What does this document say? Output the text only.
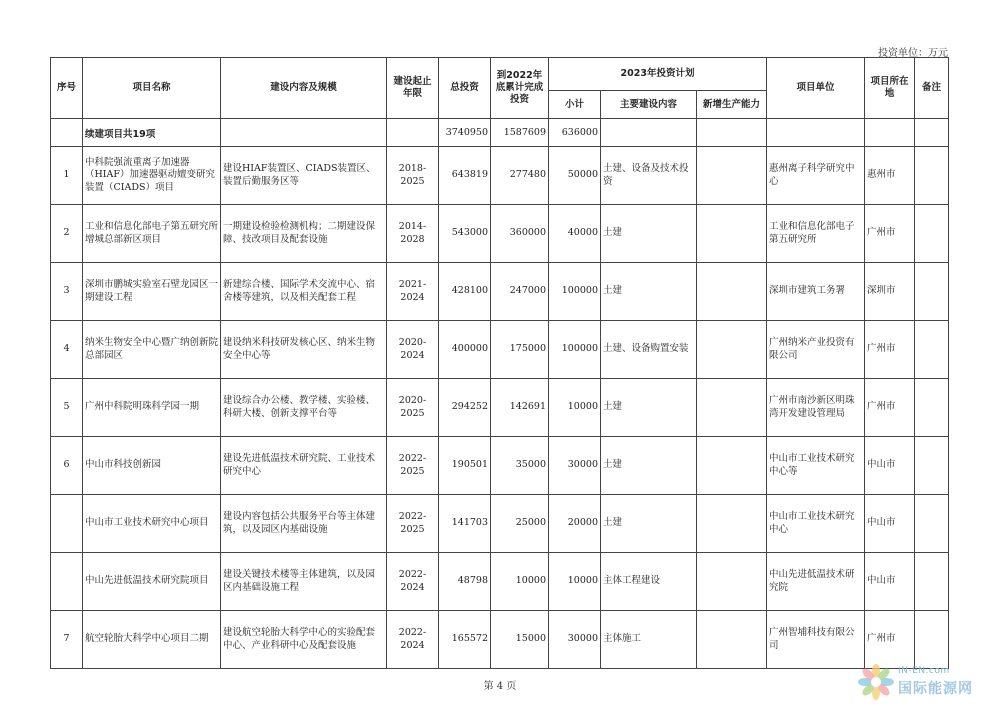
投资单位：万元
序号	项目名称	建设内容及规模	建设起止年限	总投资	到2022年底累计完成投资	2023年投资计划			项目单位	项目所在地	备注
						小计	主要建设内容	新增生产能力			
	续建项目共19项			3740950	1587609	636000					
1	中科院强流重离子加速器（HIAF）加速器驱动嬗变研究装置（CIADS）项目	建设HIAF装置区、CIADS装置区、装置后勤服务区等	2018-2025	643819	277480	50000	土建、设备及技术投资		惠州离子科学研究中心	惠州市	
2	工业和信息化部电子第五研究所增城总部新区项目	一期建设检验检测机构；二期建设保障、技改项目及配套设施	2014-2028	543000	360000	40000	土建		工业和信息化部电子第五研究所	广州市	
3	深圳市鹏城实验室石壁龙园区一期建设工程	新建综合楼、国际学术交流中心、宿舍楼等建筑，以及相关配套工程	2021-2024	428100	247000	100000	土建		深圳市建筑工务署	深圳市	
4	纳米生物安全中心暨广纳创新院总部园区	建设纳米科技研发核心区、纳米生物安全中心等	2020-2024	400000	175000	100000	土建、设备购置安装		广州纳米产业投资有限公司	广州市	
5	广州中科院明珠科学园一期	建设综合办公楼、教学楼、实验楼、科研大楼、创新支撑平台等	2020-2025	294252	142691	10000	土建		广州市南沙新区明珠湾开发建设管理局	广州市	
6	中山市科技创新园	建设先进低温技术研究院、工业技术研究中心	2022-2025	190501	35000	30000	土建		中山市工业技术研究中心等	中山市	
	中山市工业技术研究中心项目	建设内容包括公共服务平台等主体建筑，以及园区内基础设施	2022-2025	141703	25000	20000	土建		中山市工业技术研究中心	中山市	
	中山先进低温技术研究院项目	建设关键技术楼等主体建筑，以及园区内基础设施工程	2022-2024	48798	10000	10000	主体工程建设		中山先进低温技术研究院	中山市	
7	航空轮胎大科学中心项目二期	建设航空轮胎大科学中心的实验配套中心、产业科研中心及配套设施	2022-2024	165572	15000	30000	主体施工		广州智埔科技有限公司	广州市	
第 4 页
IN-EN.com
国际能源网
